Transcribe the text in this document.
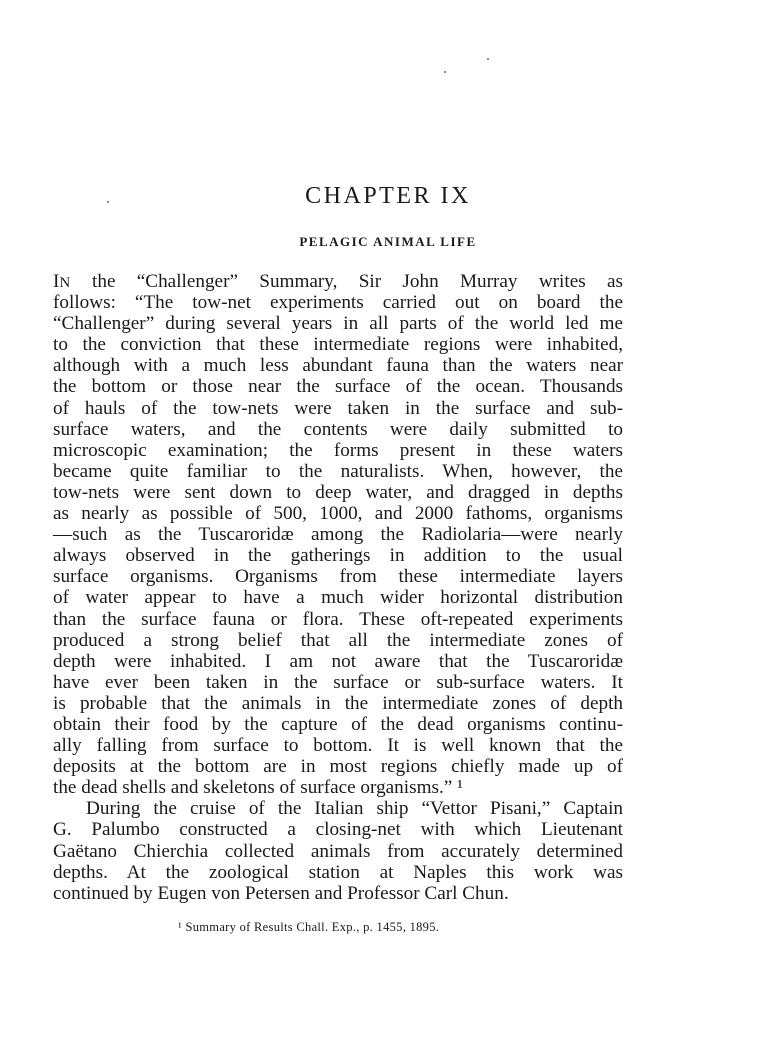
CHAPTER IX
PELAGIC ANIMAL LIFE
IN the “Challenger” Summary, Sir John Murray writes as
follows: “The tow-net experiments carried out on board the
“Challenger” during several years in all parts of the world led me
to the conviction that these intermediate regions were inhabited,
although with a much less abundant fauna than the waters near
the bottom or those near the surface of the ocean. Thousands
of hauls of the tow-nets were taken in the surface and sub-
surface waters, and the contents were daily submitted to
microscopic examination; the forms present in these waters
became quite familiar to the naturalists. When, however, the
tow-nets were sent down to deep water, and dragged in depths
as nearly as possible of 500, 1000, and 2000 fathoms, organisms
—such as the Tuscaroridæ among the Radiolaria—were nearly
always observed in the gatherings in addition to the usual
surface organisms. Organisms from these intermediate layers
of water appear to have a much wider horizontal distribution
than the surface fauna or flora. These oft-repeated experiments
produced a strong belief that all the intermediate zones of
depth were inhabited. I am not aware that the Tuscaroridæ
have ever been taken in the surface or sub-surface waters. It
is probable that the animals in the intermediate zones of depth
obtain their food by the capture of the dead organisms continu-
ally falling from surface to bottom. It is well known that the
deposits at the bottom are in most regions chiefly made up of
the dead shells and skeletons of surface organisms.” ¹
During the cruise of the Italian ship “Vettor Pisani,” Captain
G. Palumbo constructed a closing-net with which Lieutenant
Gaëtano Chierchia collected animals from accurately determined
depths. At the zoological station at Naples this work was
continued by Eugen von Petersen and Professor Carl Chun.
¹ Summary of Results Chall. Exp., p. 1455, 1895.
